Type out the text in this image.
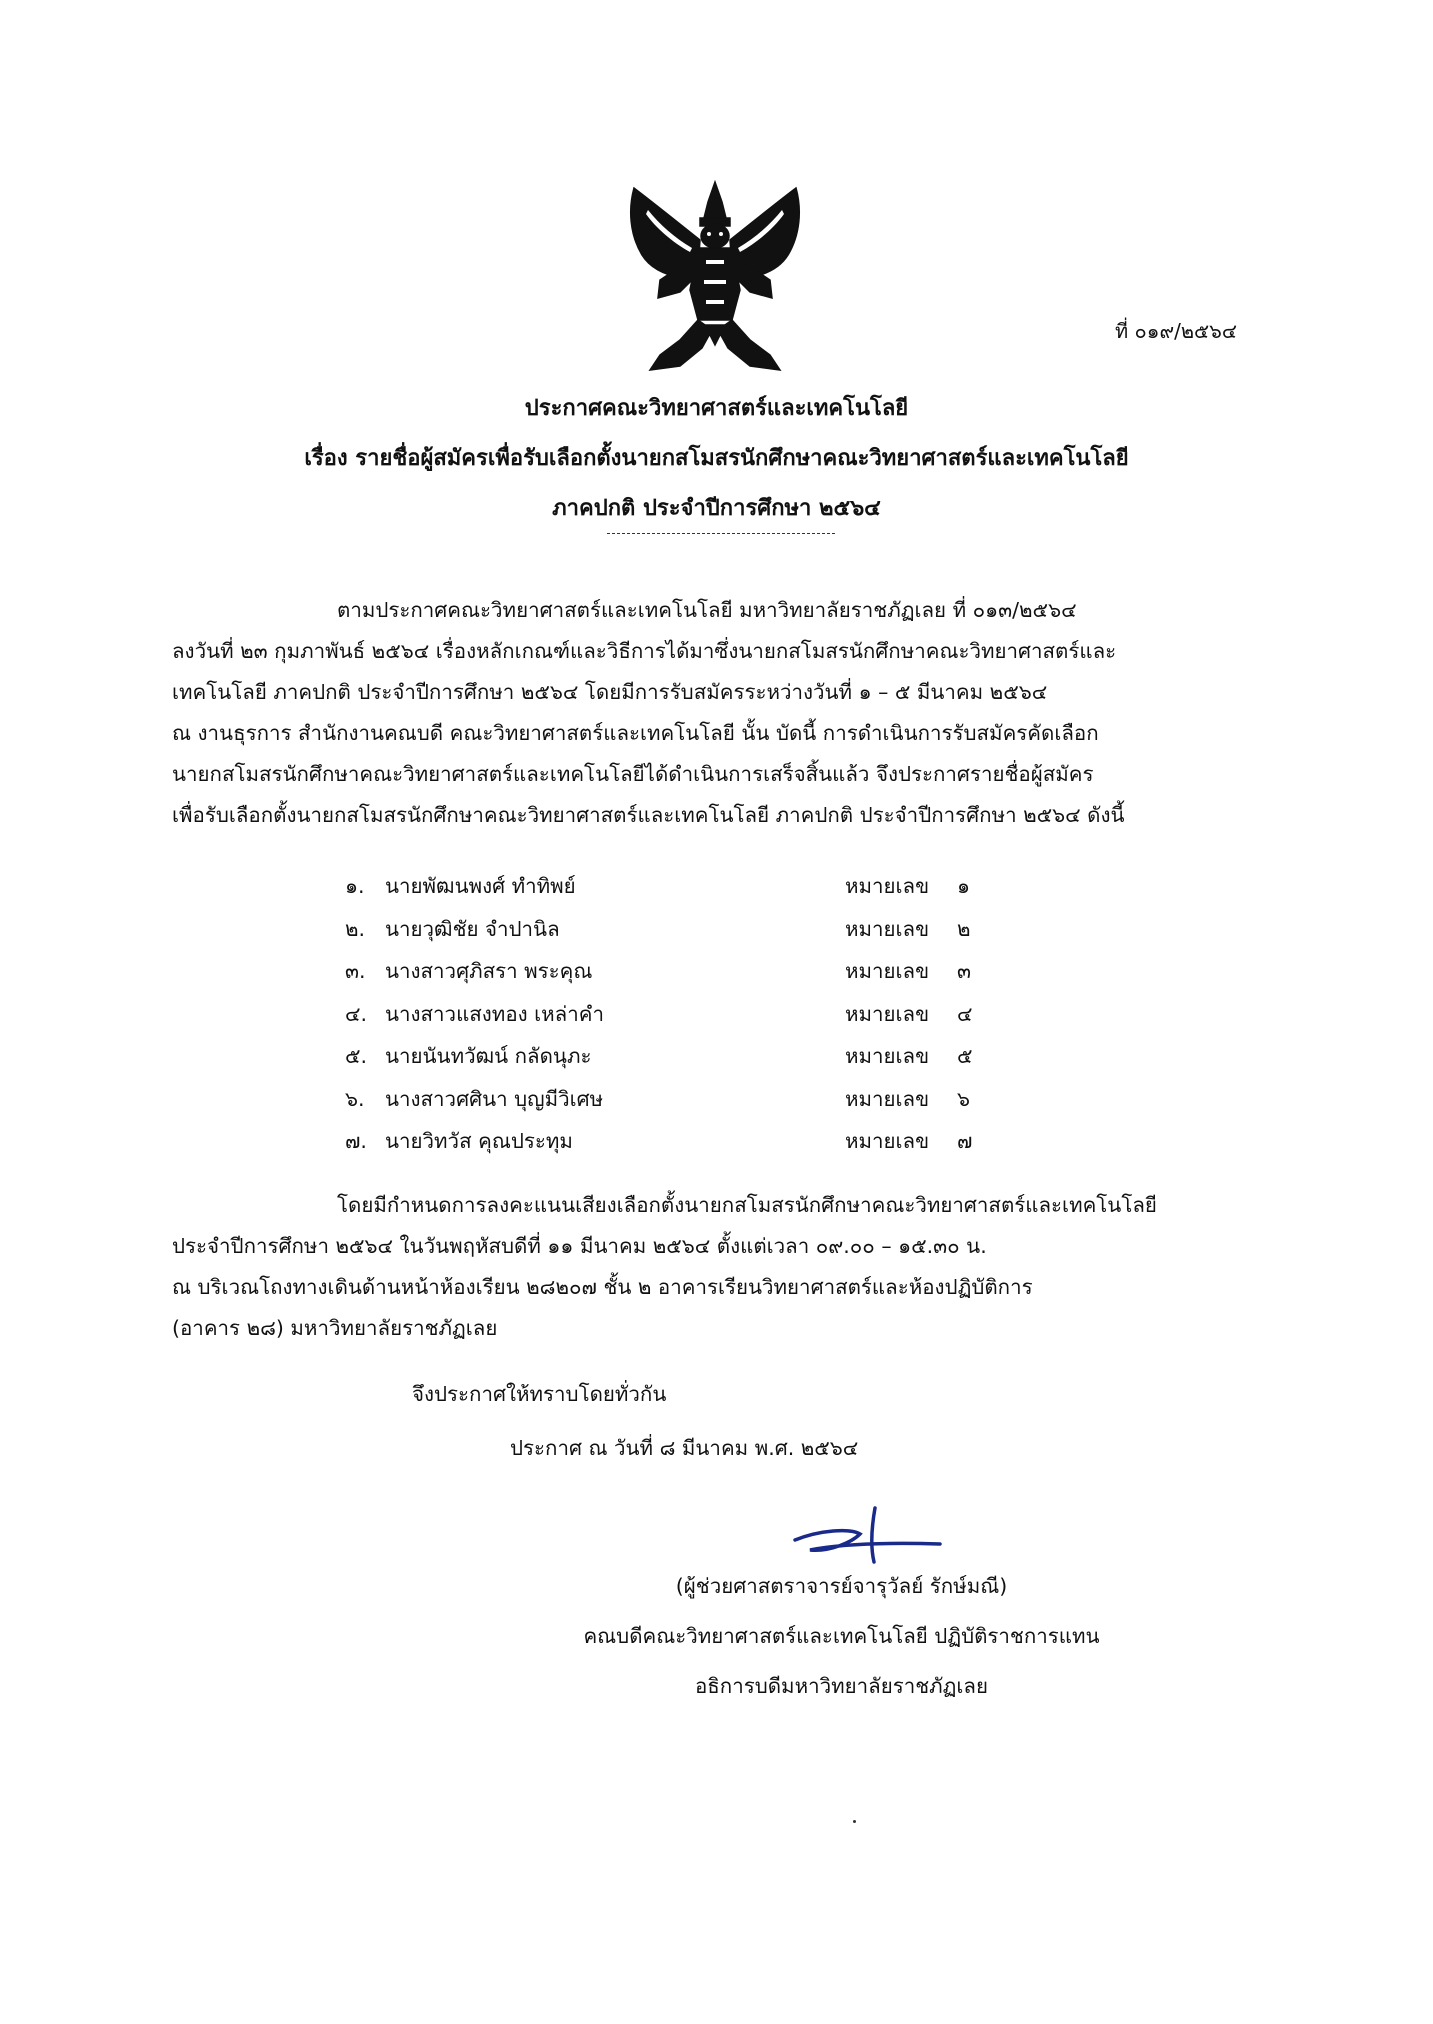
ที่ ๐๑๙/๒๕๖๔
ประกาศคณะวิทยาศาสตร์และเทคโนโลยี
เรื่อง รายชื่อผู้สมัครเพื่อรับเลือกตั้งนายกสโมสรนักศึกษาคณะวิทยาศาสตร์และเทคโนโลยี
ภาคปกติ ประจำปีการศึกษา ๒๕๖๔
ตามประกาศคณะวิทยาศาสตร์และเทคโนโลยี มหาวิทยาลัยราชภัฏเลย ที่ ๐๑๓/๒๕๖๔
ลงวันที่ ๒๓ กุมภาพันธ์ ๒๕๖๔ เรื่องหลักเกณฑ์และวิธีการได้มาซึ่งนายกสโมสรนักศึกษาคณะวิทยาศาสตร์และ
เทคโนโลยี ภาคปกติ ประจำปีการศึกษา ๒๕๖๔ โดยมีการรับสมัครระหว่างวันที่ ๑ – ๕ มีนาคม ๒๕๖๔
ณ งานธุรการ สำนักงานคณบดี คณะวิทยาศาสตร์และเทคโนโลยี นั้น บัดนี้ การดำเนินการรับสมัครคัดเลือก
นายกสโมสรนักศึกษาคณะวิทยาศาสตร์และเทคโนโลยีได้ดำเนินการเสร็จสิ้นแล้ว จึงประกาศรายชื่อผู้สมัคร
เพื่อรับเลือกตั้งนายกสโมสรนักศึกษาคณะวิทยาศาสตร์และเทคโนโลยี ภาคปกติ ประจำปีการศึกษา ๒๕๖๔ ดังนี้
๑. นายพัฒนพงศ์ ทำทิพย์	หมายเลข ๑
๒. นายวุฒิชัย จำปานิล	หมายเลข ๒
๓. นางสาวศุภิสรา พระคุณ	หมายเลข ๓
๔. นางสาวแสงทอง เหล่าคำ	หมายเลข ๔
๕. นายนันทวัฒน์ กลัดนุภะ	หมายเลข ๕
๖. นางสาวศศินา บุญมีวิเศษ	หมายเลข ๖
๗. นายวิทวัส คุณประทุม	หมายเลข ๗
โดยมีกำหนดการลงคะแนนเสียงเลือกตั้งนายกสโมสรนักศึกษาคณะวิทยาศาสตร์และเทคโนโลยี
ประจำปีการศึกษา ๒๕๖๔ ในวันพฤหัสบดีที่ ๑๑ มีนาคม ๒๕๖๔ ตั้งแต่เวลา ๐๙.๐๐ – ๑๕.๓๐ น.
ณ บริเวณโถงทางเดินด้านหน้าห้องเรียน ๒๘๒๐๗ ชั้น ๒ อาคารเรียนวิทยาศาสตร์และห้องปฏิบัติการ
(อาคาร ๒๘) มหาวิทยาลัยราชภัฏเลย
จึงประกาศให้ทราบโดยทั่วกัน
ประกาศ ณ วันที่ ๘ มีนาคม พ.ศ. ๒๕๖๔
(ผู้ช่วยศาสตราจารย์จารุวัลย์ รักษ์มณี)
คณบดีคณะวิทยาศาสตร์และเทคโนโลยี ปฏิบัติราชการแทน
อธิการบดีมหาวิทยาลัยราชภัฏเลย
